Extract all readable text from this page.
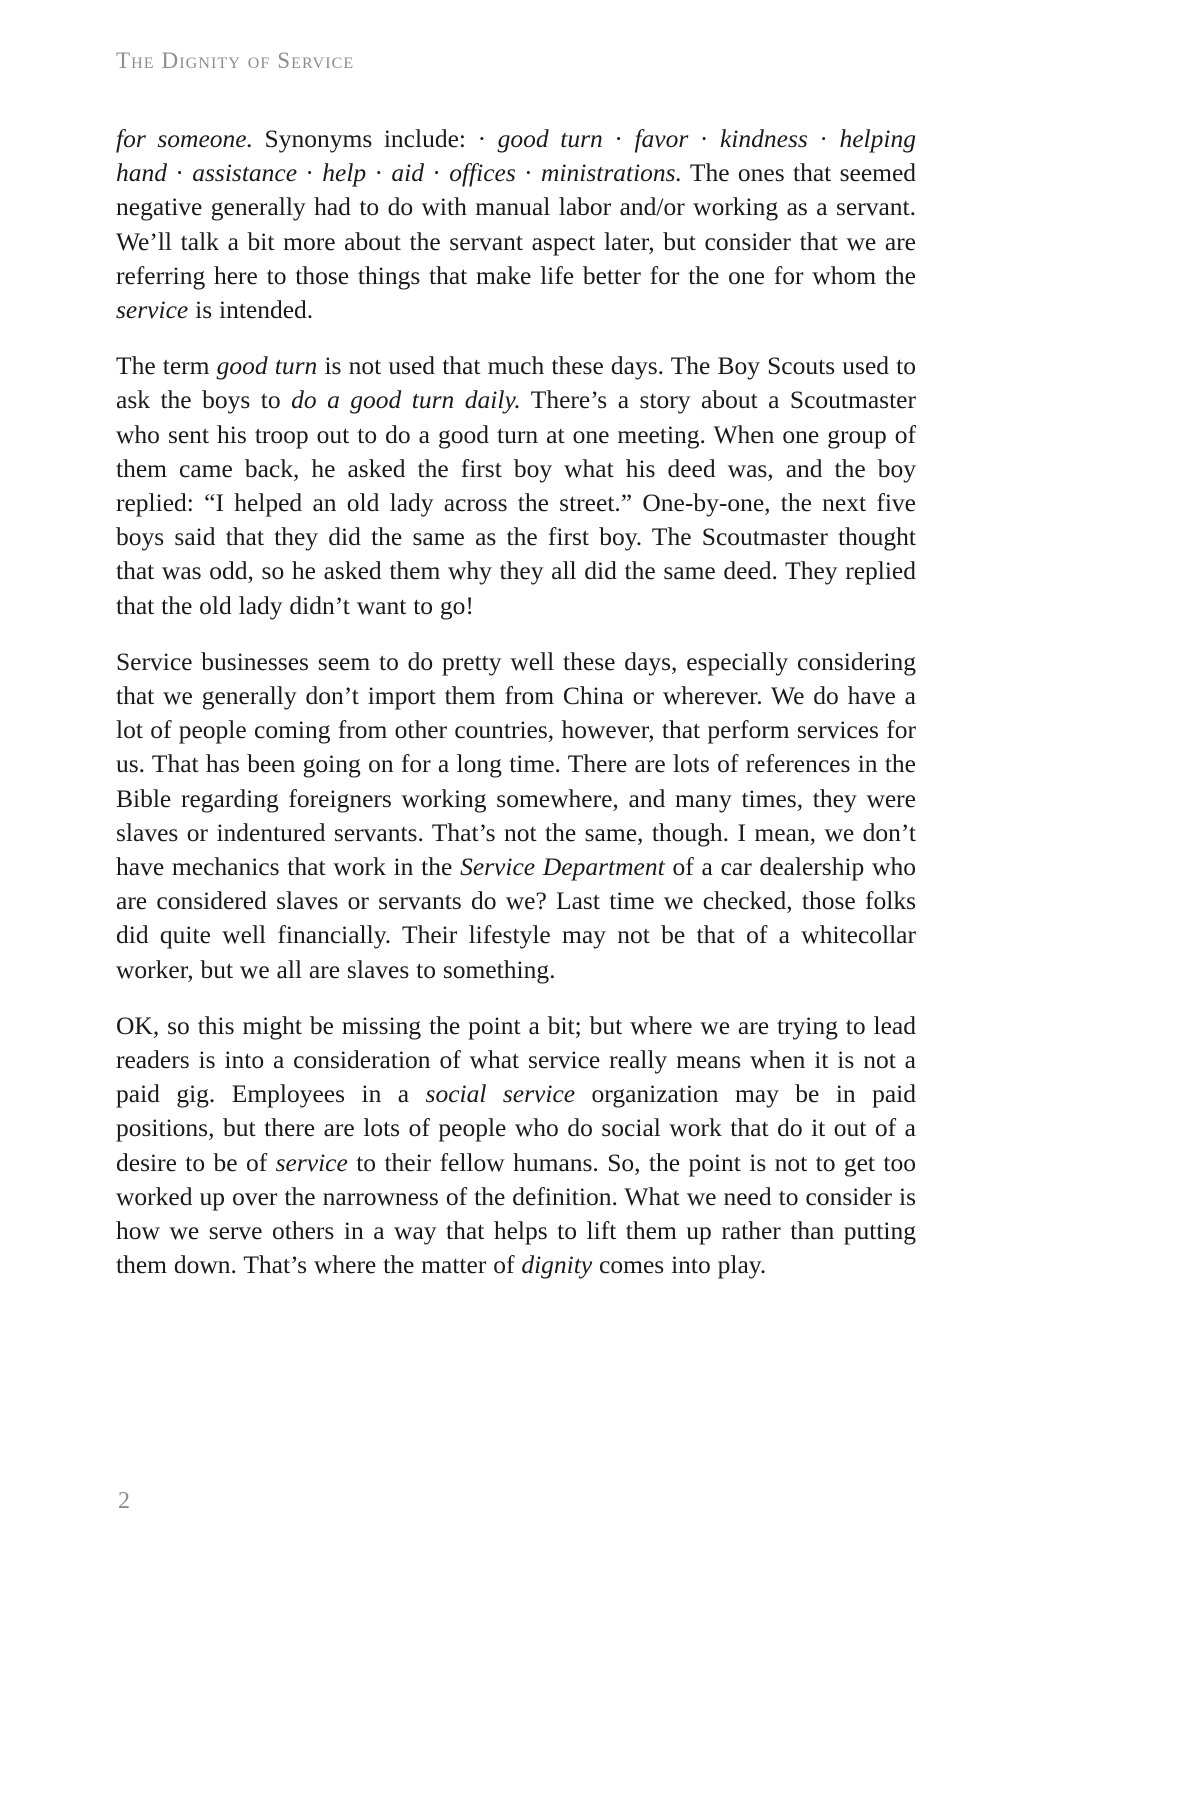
The Dignity of Service

for someone. Synonyms include: · good turn · favor · kindness · helping hand · assistance · help · aid · offices · ministrations. The ones that seemed negative generally had to do with manual labor and/or working as a servant. We’ll talk a bit more about the servant aspect later, but consider that we are referring here to those things that make life better for the one for whom the service is intended.

The term good turn is not used that much these days. The Boy Scouts used to ask the boys to do a good turn daily. There’s a story about a Scoutmaster who sent his troop out to do a good turn at one meeting. When one group of them came back, he asked the first boy what his deed was, and the boy replied: “I helped an old lady across the street.” One-by-one, the next five boys said that they did the same as the first boy. The Scoutmaster thought that was odd, so he asked them why they all did the same deed. They replied that the old lady didn’t want to go!

Service businesses seem to do pretty well these days, especially considering that we generally don’t import them from China or wherever. We do have a lot of people coming from other countries, however, that perform services for us. That has been going on for a long time. There are lots of references in the Bible regarding foreigners working somewhere, and many times, they were slaves or indentured servants. That’s not the same, though. I mean, we don’t have mechanics that work in the Service Department of a car dealership who are considered slaves or servants do we? Last time we checked, those folks did quite well financially. Their lifestyle may not be that of a whitecollar worker, but we all are slaves to something.

OK, so this might be missing the point a bit; but where we are trying to lead readers is into a consideration of what service really means when it is not a paid gig. Employees in a social service organization may be in paid positions, but there are lots of people who do social work that do it out of a desire to be of service to their fellow humans. So, the point is not to get too worked up over the narrowness of the definition. What we need to consider is how we serve others in a way that helps to lift them up rather than putting them down. That’s where the matter of dignity comes into play.

2
